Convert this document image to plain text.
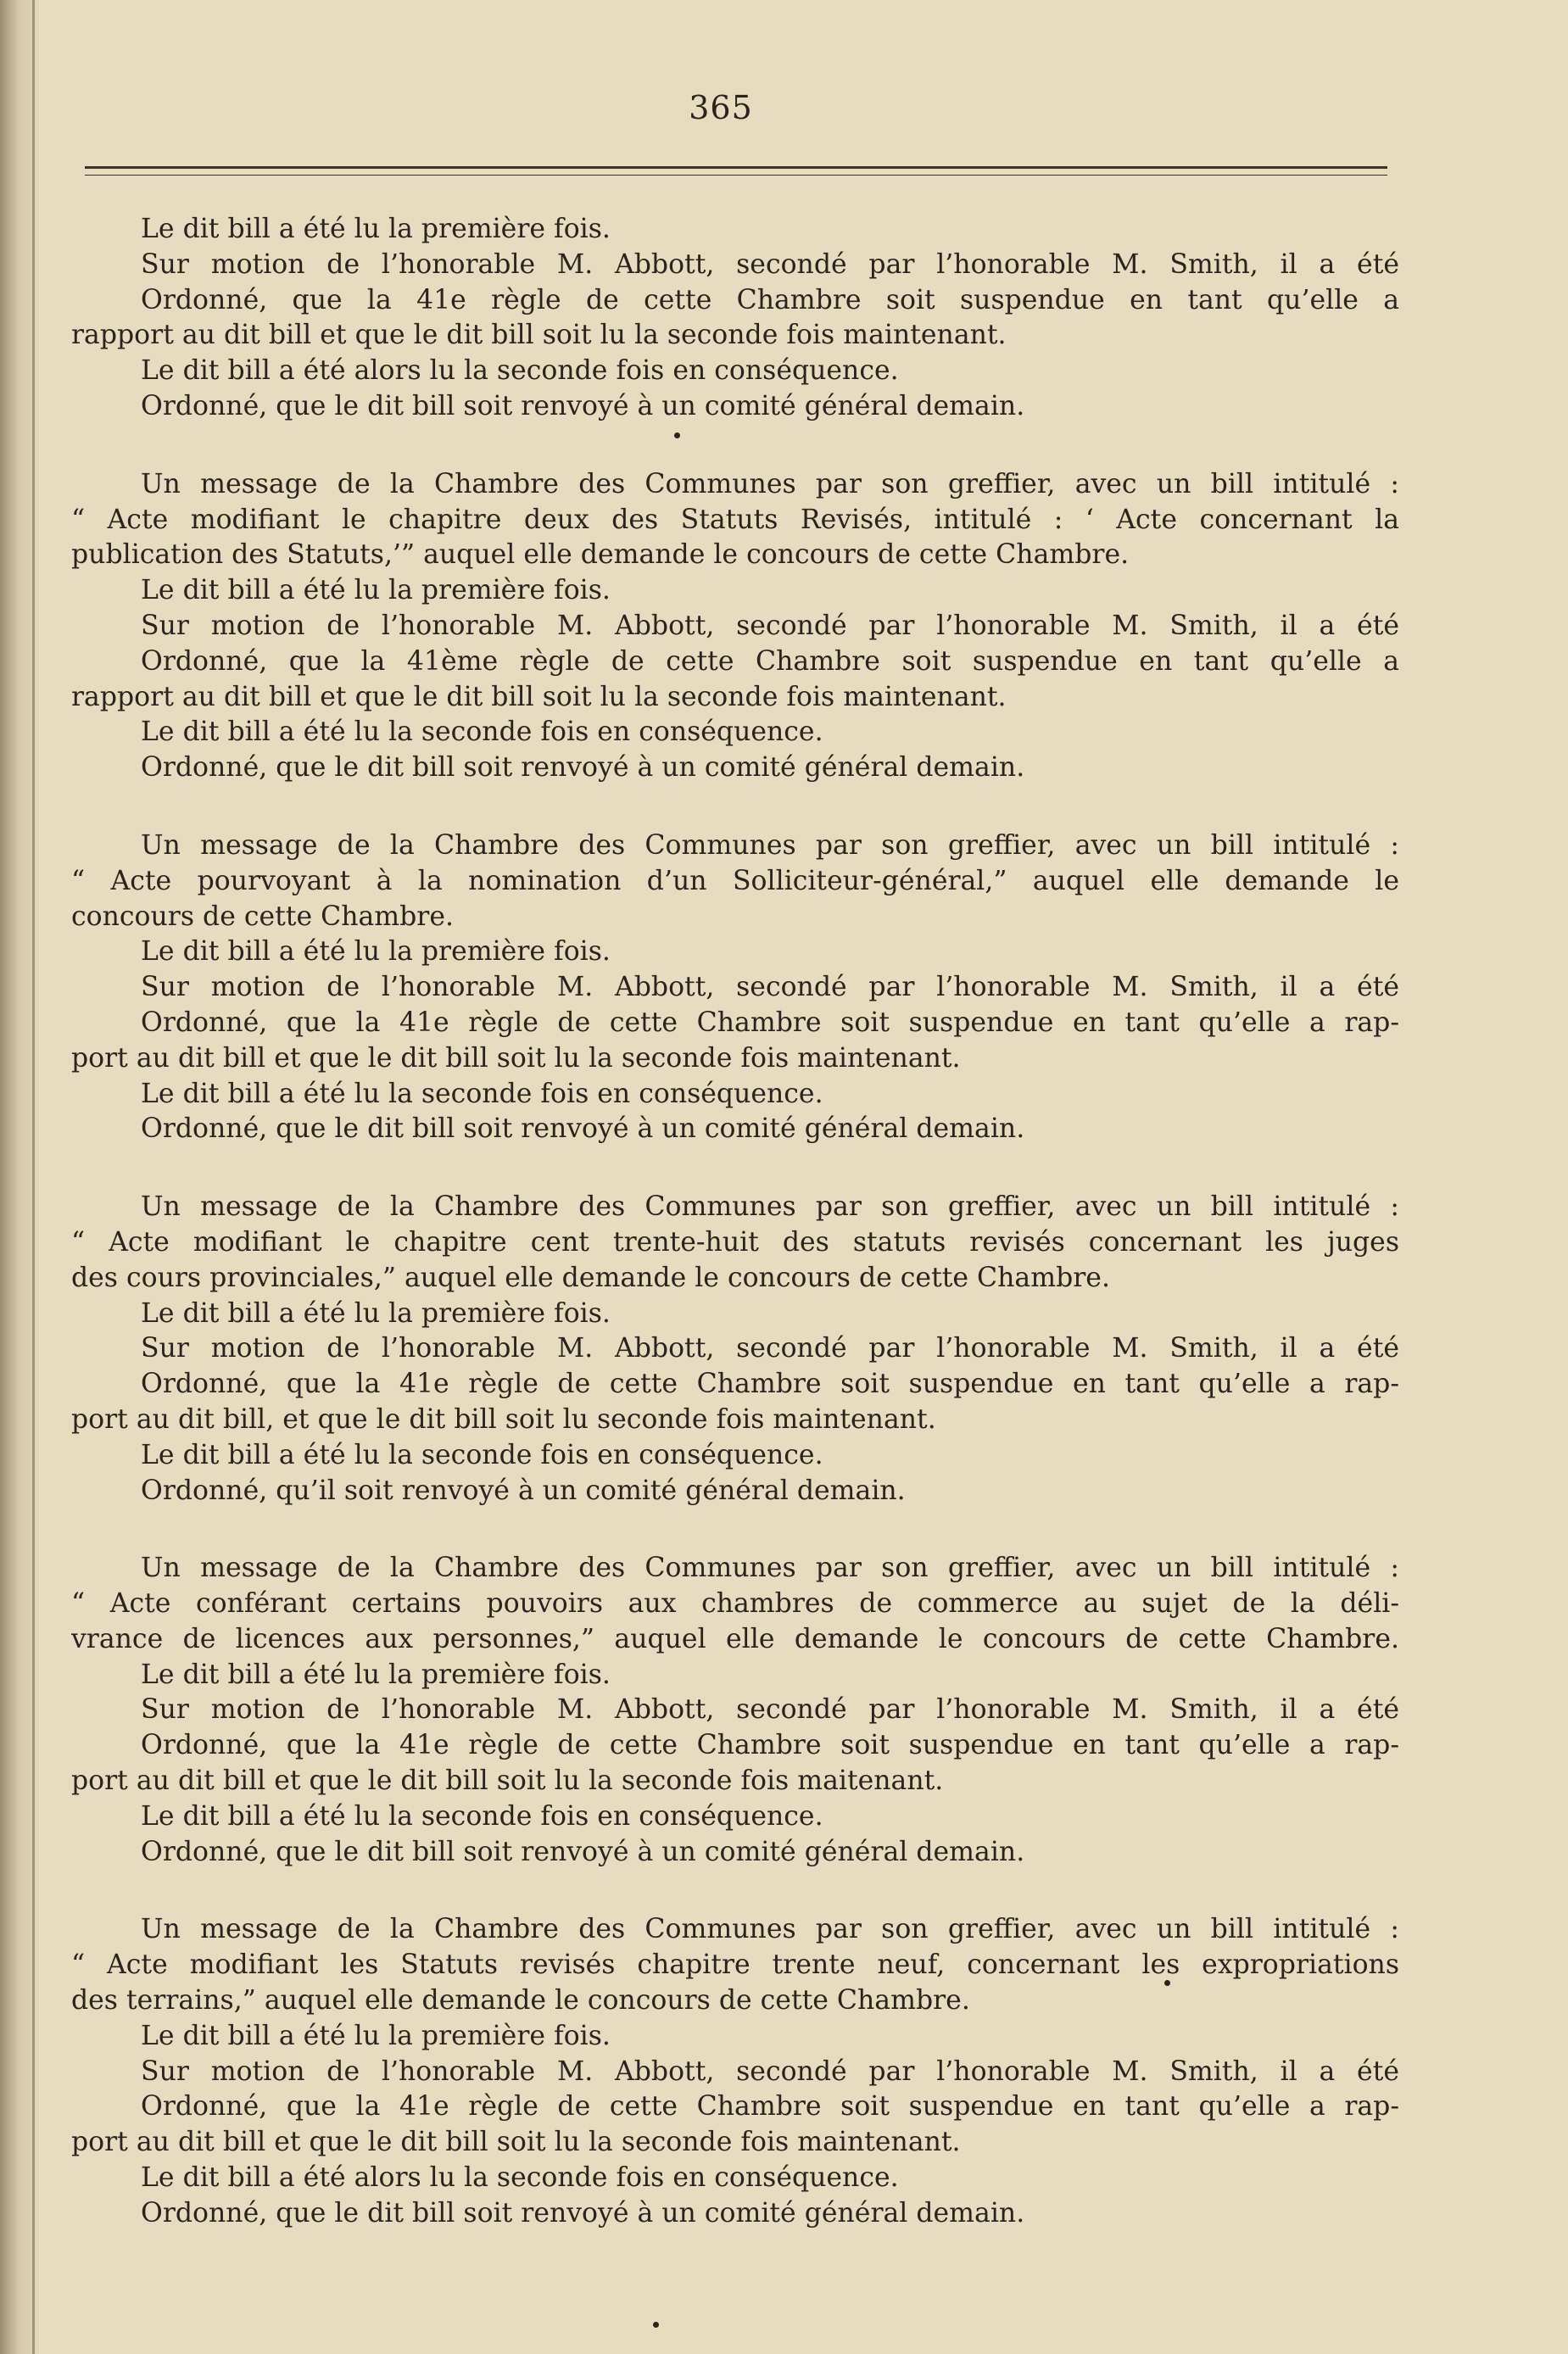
365
Le dit bill a été lu la première fois.
Sur motion de l’honorable M. Abbott, secondé par l’honorable M. Smith, il a été
Ordonné, que la 41e règle de cette Chambre soit suspendue en tant qu’elle a
rapport au dit bill et que le dit bill soit lu la seconde fois maintenant.
Le dit bill a été alors lu la seconde fois en conséquence.
Ordonné, que le dit bill soit renvoyé à un comité général demain.
Un message de la Chambre des Communes par son greffier, avec un bill intitulé :
“ Acte modifiant le chapitre deux des Statuts Revisés, intitulé : ‘ Acte concernant la
publication des Statuts,’” auquel elle demande le concours de cette Chambre.
Le dit bill a été lu la première fois.
Sur motion de l’honorable M. Abbott, secondé par l’honorable M. Smith, il a été
Ordonné, que la 41ème règle de cette Chambre soit suspendue en tant qu’elle a
rapport au dit bill et que le dit bill soit lu la seconde fois maintenant.
Le dit bill a été lu la seconde fois en conséquence.
Ordonné, que le dit bill soit renvoyé à un comité général demain.
Un message de la Chambre des Communes par son greffier, avec un bill intitulé :
“ Acte pourvoyant à la nomination d’un Solliciteur-général,” auquel elle demande le
concours de cette Chambre.
Le dit bill a été lu la première fois.
Sur motion de l’honorable M. Abbott, secondé par l’honorable M. Smith, il a été
Ordonné, que la 41e règle de cette Chambre soit suspendue en tant qu’elle a rap-
port au dit bill et que le dit bill soit lu la seconde fois maintenant.
Le dit bill a été lu la seconde fois en conséquence.
Ordonné, que le dit bill soit renvoyé à un comité général demain.
Un message de la Chambre des Communes par son greffier, avec un bill intitulé :
“ Acte modifiant le chapitre cent trente-huit des statuts revisés concernant les juges
des cours provinciales,” auquel elle demande le concours de cette Chambre.
Le dit bill a été lu la première fois.
Sur motion de l’honorable M. Abbott, secondé par l’honorable M. Smith, il a été
Ordonné, que la 41e règle de cette Chambre soit suspendue en tant qu’elle a rap-
port au dit bill, et que le dit bill soit lu seconde fois maintenant.
Le dit bill a été lu la seconde fois en conséquence.
Ordonné, qu’il soit renvoyé à un comité général demain.
Un message de la Chambre des Communes par son greffier, avec un bill intitulé :
“ Acte conférant certains pouvoirs aux chambres de commerce au sujet de la déli-
vrance de licences aux personnes,” auquel elle demande le concours de cette Chambre.
Le dit bill a été lu la première fois.
Sur motion de l’honorable M. Abbott, secondé par l’honorable M. Smith, il a été
Ordonné, que la 41e règle de cette Chambre soit suspendue en tant qu’elle a rap-
port au dit bill et que le dit bill soit lu la seconde fois maitenant.
Le dit bill a été lu la seconde fois en conséquence.
Ordonné, que le dit bill soit renvoyé à un comité général demain.
Un message de la Chambre des Communes par son greffier, avec un bill intitulé :
“ Acte modifiant les Statuts revisés chapitre trente neuf, concernant les expropriations
des terrains,” auquel elle demande le concours de cette Chambre.
Le dit bill a été lu la première fois.
Sur motion de l’honorable M. Abbott, secondé par l’honorable M. Smith, il a été
Ordonné, que la 41e règle de cette Chambre soit suspendue en tant qu’elle a rap-
port au dit bill et que le dit bill soit lu la seconde fois maintenant.
Le dit bill a été alors lu la seconde fois en conséquence.
Ordonné, que le dit bill soit renvoyé à un comité général demain.
